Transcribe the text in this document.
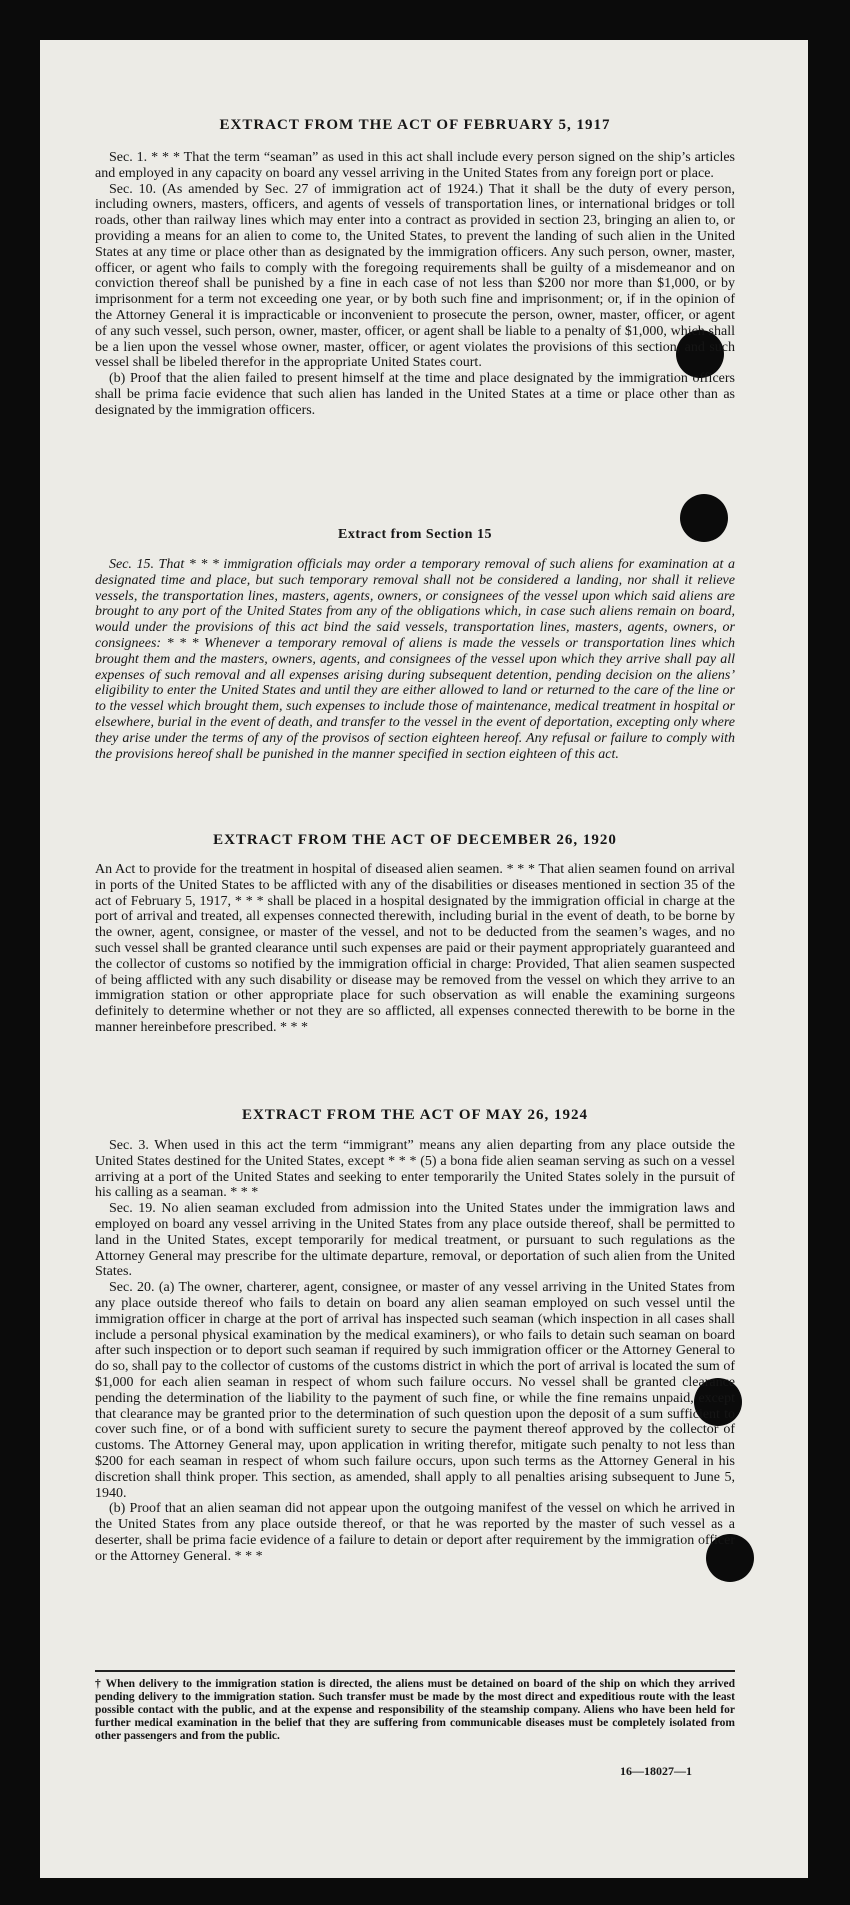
EXTRACT FROM THE ACT OF FEBRUARY 5, 1917

Sec. 1. * * * That the term “seaman” as used in this act shall include every person signed on the ship’s articles and employed in any capacity on board any vessel arriving in the United States from any foreign port or place.

Sec. 10. (As amended by Sec. 27 of immigration act of 1924.) That it shall be the duty of every person, including owners, masters, officers, and agents of vessels of transportation lines, or international bridges or toll roads, other than railway lines which may enter into a contract as provided in section 23, bringing an alien to, or providing a means for an alien to come to, the United States, to prevent the landing of such alien in the United States at any time or place other than as designated by the immigration officers. Any such person, owner, master, officer, or agent who fails to comply with the foregoing requirements shall be guilty of a misdemeanor and on conviction thereof shall be punished by a fine in each case of not less than $200 nor more than $1,000, or by imprisonment for a term not exceeding one year, or by both such fine and imprisonment; or, if in the opinion of the Attorney General it is impracticable or inconvenient to prosecute the person, owner, master, officer, or agent of any such vessel, such person, owner, master, officer, or agent shall be liable to a penalty of $1,000, which shall be a lien upon the vessel whose owner, master, officer, or agent violates the provisions of this section, and such vessel shall be libeled therefor in the appropriate United States court.

(b) Proof that the alien failed to present himself at the time and place designated by the immigration officers shall be prima facie evidence that such alien has landed in the United States at a time or place other than as designated by the immigration officers.

Extract from Section 15

Sec. 15. That * * * immigration officials may order a temporary removal of such aliens for examination at a designated time and place, but such temporary removal shall not be considered a landing, nor shall it relieve vessels, the transportation lines, masters, agents, owners, or consignees of the vessel upon which said aliens are brought to any port of the United States from any of the obligations which, in case such aliens remain on board, would under the provisions of this act bind the said vessels, transportation lines, masters, agents, owners, or consignees: * * * Whenever a temporary removal of aliens is made the vessels or transportation lines which brought them and the masters, owners, agents, and consignees of the vessel upon which they arrive shall pay all expenses of such removal and all expenses arising during subsequent detention, pending decision on the aliens’ eligibility to enter the United States and until they are either allowed to land or returned to the care of the line or to the vessel which brought them, such expenses to include those of maintenance, medical treatment in hospital or elsewhere, burial in the event of death, and transfer to the vessel in the event of deportation, excepting only where they arise under the terms of any of the provisos of section eighteen hereof. Any refusal or failure to comply with the provisions hereof shall be punished in the manner specified in section eighteen of this act.

EXTRACT FROM THE ACT OF DECEMBER 26, 1920

An Act to provide for the treatment in hospital of diseased alien seamen. * * * That alien seamen found on arrival in ports of the United States to be afflicted with any of the disabilities or diseases mentioned in section 35 of the act of February 5, 1917, * * * shall be placed in a hospital designated by the immigration official in charge at the port of arrival and treated, all expenses connected therewith, including burial in the event of death, to be borne by the owner, agent, consignee, or master of the vessel, and not to be deducted from the seamen’s wages, and no such vessel shall be granted clearance until such expenses are paid or their payment appropriately guaranteed and the collector of customs so notified by the immigration official in charge: Provided, That alien seamen suspected of being afflicted with any such disability or disease may be removed from the vessel on which they arrive to an immigration station or other appropriate place for such observation as will enable the examining surgeons definitely to determine whether or not they are so afflicted, all expenses connected therewith to be borne in the manner hereinbefore prescribed. * * *

EXTRACT FROM THE ACT OF MAY 26, 1924

Sec. 3. When used in this act the term “immigrant” means any alien departing from any place outside the United States destined for the United States, except * * * (5) a bona fide alien seaman serving as such on a vessel arriving at a port of the United States and seeking to enter temporarily the United States solely in the pursuit of his calling as a seaman. * * *

Sec. 19. No alien seaman excluded from admission into the United States under the immigration laws and employed on board any vessel arriving in the United States from any place outside thereof, shall be permitted to land in the United States, except temporarily for medical treatment, or pursuant to such regulations as the Attorney General may prescribe for the ultimate departure, removal, or deportation of such alien from the United States.

Sec. 20. (a) The owner, charterer, agent, consignee, or master of any vessel arriving in the United States from any place outside thereof who fails to detain on board any alien seaman employed on such vessel until the immigration officer in charge at the port of arrival has inspected such seaman (which inspection in all cases shall include a personal physical examination by the medical examiners), or who fails to detain such seaman on board after such inspection or to deport such seaman if required by such immigration officer or the Attorney General to do so, shall pay to the collector of customs of the customs district in which the port of arrival is located the sum of $1,000 for each alien seaman in respect of whom such failure occurs. No vessel shall be granted clearance pending the determination of the liability to the payment of such fine, or while the fine remains unpaid, except that clearance may be granted prior to the determination of such question upon the deposit of a sum sufficient to cover such fine, or of a bond with sufficient surety to secure the payment thereof approved by the collector of customs. The Attorney General may, upon application in writing therefor, mitigate such penalty to not less than $200 for each seaman in respect of whom such failure occurs, upon such terms as the Attorney General in his discretion shall think proper. This section, as amended, shall apply to all penalties arising subsequent to June 5, 1940.

(b) Proof that an alien seaman did not appear upon the outgoing manifest of the vessel on which he arrived in the United States from any place outside thereof, or that he was reported by the master of such vessel as a deserter, shall be prima facie evidence of a failure to detain or deport after requirement by the immigration officer or the Attorney General. * * *

† When delivery to the immigration station is directed, the aliens must be detained on board of the ship on which they arrived pending delivery to the immigration station. Such transfer must be made by the most direct and expeditious route with the least possible contact with the public, and at the expense and responsibility of the steamship company. Aliens who have been held for further medical examination in the belief that they are suffering from communicable diseases must be completely isolated from other passengers and from the public.
16—18027—1
